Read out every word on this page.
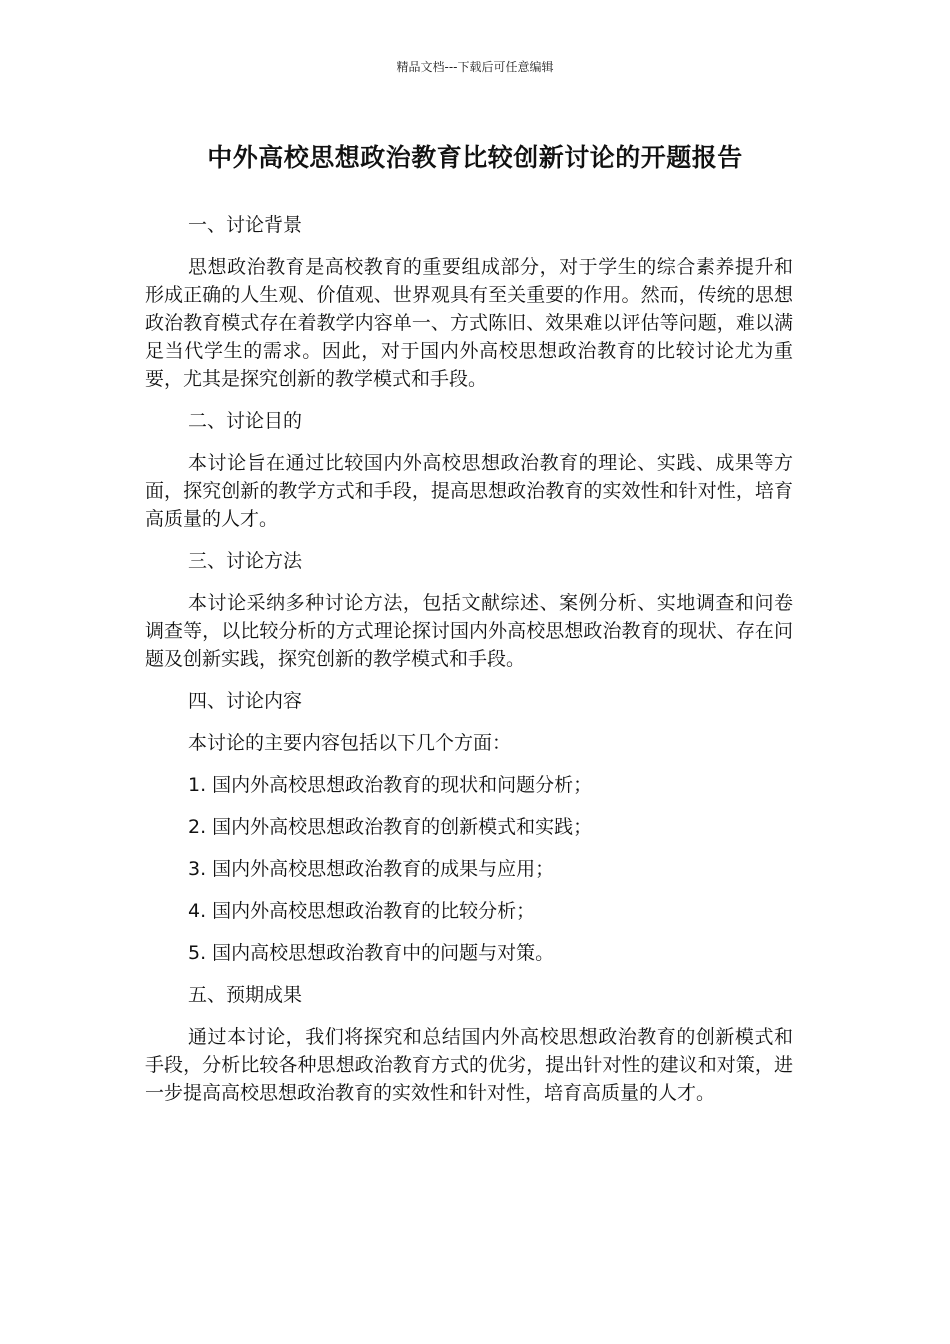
精品文档---下载后可任意编辑
中外高校思想政治教育比较创新讨论的开题报告

一、讨论背景

思想政治教育是高校教育的重要组成部分，对于学生的综合素养提升和形成正确的人生观、价值观、世界观具有至关重要的作用。然而，传统的思想政治教育模式存在着教学内容单一、方式陈旧、效果难以评估等问题，难以满足当代学生的需求。因此，对于国内外高校思想政治教育的比较讨论尤为重要，尤其是探究创新的教学模式和手段。

二、讨论目的

本讨论旨在通过比较国内外高校思想政治教育的理论、实践、成果等方面，探究创新的教学方式和手段，提高思想政治教育的实效性和针对性，培育高质量的人才。

三、讨论方法

本讨论采纳多种讨论方法，包括文献综述、案例分析、实地调查和问卷调查等，以比较分析的方式理论探讨国内外高校思想政治教育的现状、存在问题及创新实践，探究创新的教学模式和手段。

四、讨论内容

本讨论的主要内容包括以下几个方面：

1. 国内外高校思想政治教育的现状和问题分析；

2. 国内外高校思想政治教育的创新模式和实践；

3. 国内外高校思想政治教育的成果与应用；

4. 国内外高校思想政治教育的比较分析；

5. 国内高校思想政治教育中的问题与对策。

五、预期成果

通过本讨论，我们将探究和总结国内外高校思想政治教育的创新模式和手段，分析比较各种思想政治教育方式的优劣，提出针对性的建议和对策，进一步提高高校思想政治教育的实效性和针对性，培育高质量的人才。
